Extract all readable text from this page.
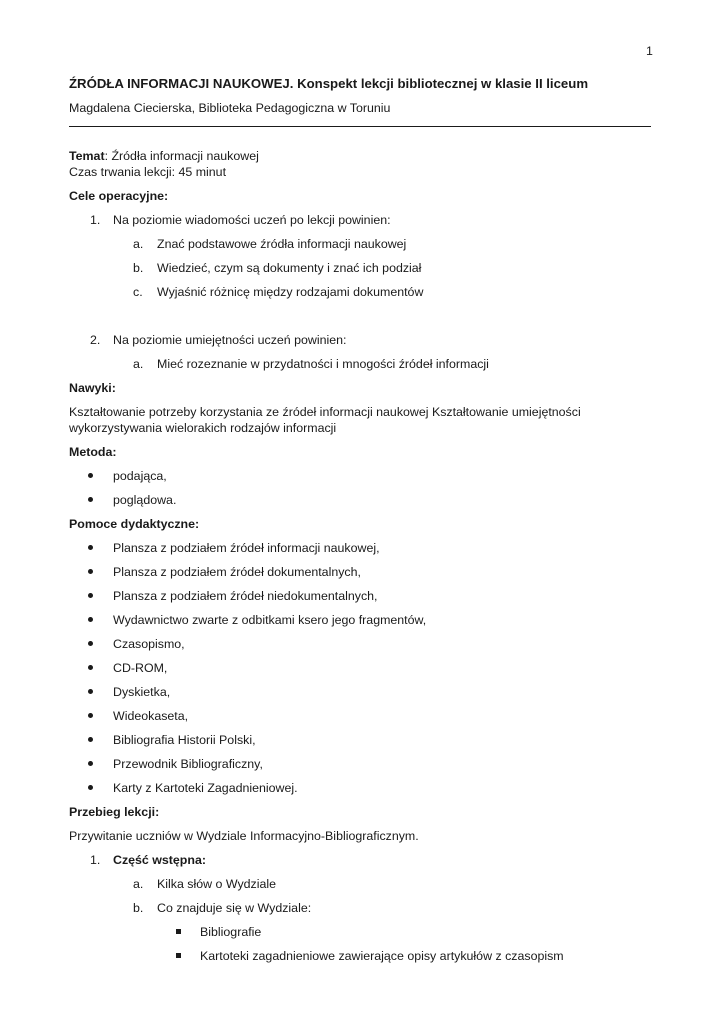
1
ŹRÓDŁA INFORMACJI NAUKOWEJ. Konspekt lekcji bibliotecznej w klasie II liceum
Magdalena Ciecierska, Biblioteka Pedagogiczna w Toruniu
Temat: Źródła informacji naukowej
Czas trwania lekcji: 45 minut
Cele operacyjne:
1. Na poziomie wiadomości uczeń po lekcji powinien:
a. Znać podstawowe źródła informacji naukowej
b. Wiedzieć, czym są dokumenty i znać ich podział
c. Wyjaśnić różnicę między rodzajami dokumentów
2. Na poziomie umiejętności uczeń powinien:
a. Mieć rozeznanie w przydatności i mnogości źródeł informacji
Nawyki:
Kształtowanie potrzeby korzystania ze źródeł informacji naukowej Kształtowanie umiejętności
wykorzystywania wielorakich rodzajów informacji
Metoda:
podająca,
poglądowa.
Pomoce dydaktyczne:
Plansza z podziałem źródeł informacji naukowej,
Plansza z podziałem źródeł dokumentalnych,
Plansza z podziałem źródeł niedokumentalnych,
Wydawnictwo zwarte z odbitkami ksero jego fragmentów,
Czasopismo,
CD-ROM,
Dyskietka,
Wideokaseta,
Bibliografia Historii Polski,
Przewodnik Bibliograficzny,
Karty z Kartoteki Zagadnieniowej.
Przebieg lekcji:
Przywitanie uczniów w Wydziale Informacyjno-Bibliograficznym.
1. Część wstępna:
a. Kilka słów o Wydziale
b. Co znajduje się w Wydziale:
Bibliografie
Kartoteki zagadnieniowe zawierające opisy artykułów z czasopism
